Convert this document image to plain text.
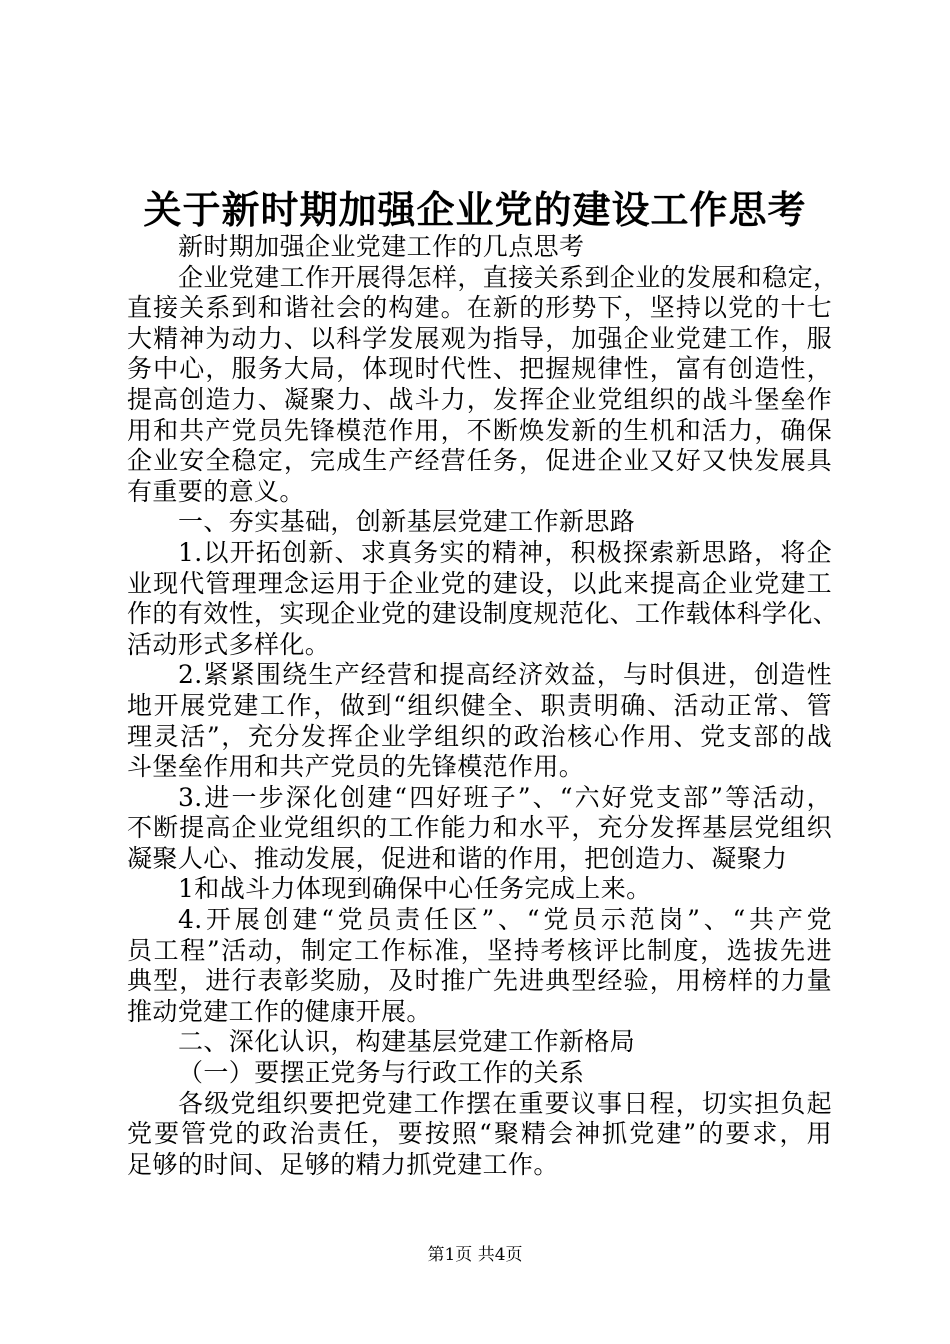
关于新时期加强企业党的建设工作思考
新时期加强企业党建工作的几点思考
企业党建工作开展得怎样，直接关系到企业的发展和稳定，
直接关系到和谐社会的构建。在新的形势下，坚持以党的十七
大精神为动力、以科学发展观为指导，加强企业党建工作，服
务中心，服务大局，体现时代性、把握规律性，富有创造性，
提高创造力、凝聚力、战斗力，发挥企业党组织的战斗堡垒作
用和共产党员先锋模范作用，不断焕发新的生机和活力，确保
企业安全稳定，完成生产经营任务，促进企业又好又快发展具
有重要的意义。
一、夯实基础，创新基层党建工作新思路
1.以开拓创新、求真务实的精神，积极探索新思路，将企
业现代管理理念运用于企业党的建设，以此来提高企业党建工
作的有效性，实现企业党的建设制度规范化、工作载体科学化、
活动形式多样化。
2.紧紧围绕生产经营和提高经济效益，与时俱进，创造性
地开展党建工作，做到“组织健全、职责明确、活动正常、管
理灵活”，充分发挥企业学组织的政治核心作用、党支部的战
斗堡垒作用和共产党员的先锋模范作用。
3.进一步深化创建“四好班子”、“六好党支部”等活动，
不断提高企业党组织的工作能力和水平，充分发挥基层党组织
凝聚人心、推动发展，促进和谐的作用，把创造力、凝聚力
1和战斗力体现到确保中心任务完成上来。
4.开展创建“党员责任区”、“党员示范岗”、“共产党
员工程”活动，制定工作标准，坚持考核评比制度，选拔先进
典型，进行表彰奖励，及时推广先进典型经验，用榜样的力量
推动党建工作的健康开展。
二、深化认识，构建基层党建工作新格局
（一）要摆正党务与行政工作的关系
各级党组织要把党建工作摆在重要议事日程，切实担负起
党要管党的政治责任，要按照“聚精会神抓党建”的要求，用
足够的时间、足够的精力抓党建工作。
第1页 共4页
